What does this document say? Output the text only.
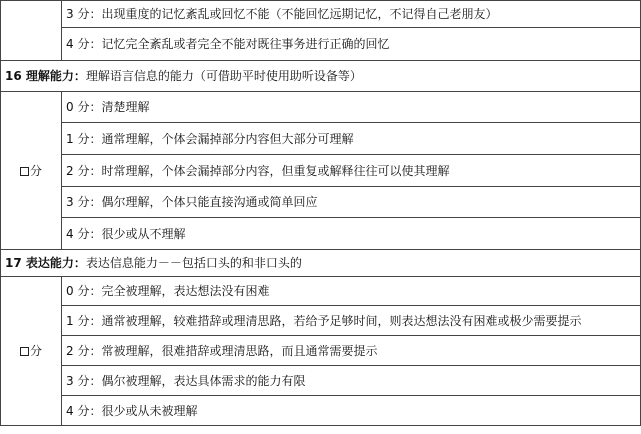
	3 分：出现重度的记忆紊乱或回忆不能（不能回忆远期记忆，不记得自己老朋友）
	4 分：记忆完全紊乱或者完全不能对既往事务进行正确的回忆
16 理解能力：理解语言信息的能力（可借助平时使用助听设备等）	
分	0 分：清楚理解
	1 分：通常理解，个体会漏掉部分内容但大部分可理解
	2 分：时常理解，个体会漏掉部分内容，但重复或解释往往可以使其理解
	3 分：偶尔理解，个体只能直接沟通或简单回应
	4 分：很少或从不理解
17 表达能力：表达信息能力－－包括口头的和非口头的	
分	0 分：完全被理解，表达想法没有困难
	1 分：通常被理解，较难措辞或理清思路，若给予足够时间，则表达想法没有困难或极少需要提示
	2 分：常被理解，很难措辞或理清思路，而且通常需要提示
	3 分：偶尔被理解，表达具体需求的能力有限
	4 分：很少或从未被理解
